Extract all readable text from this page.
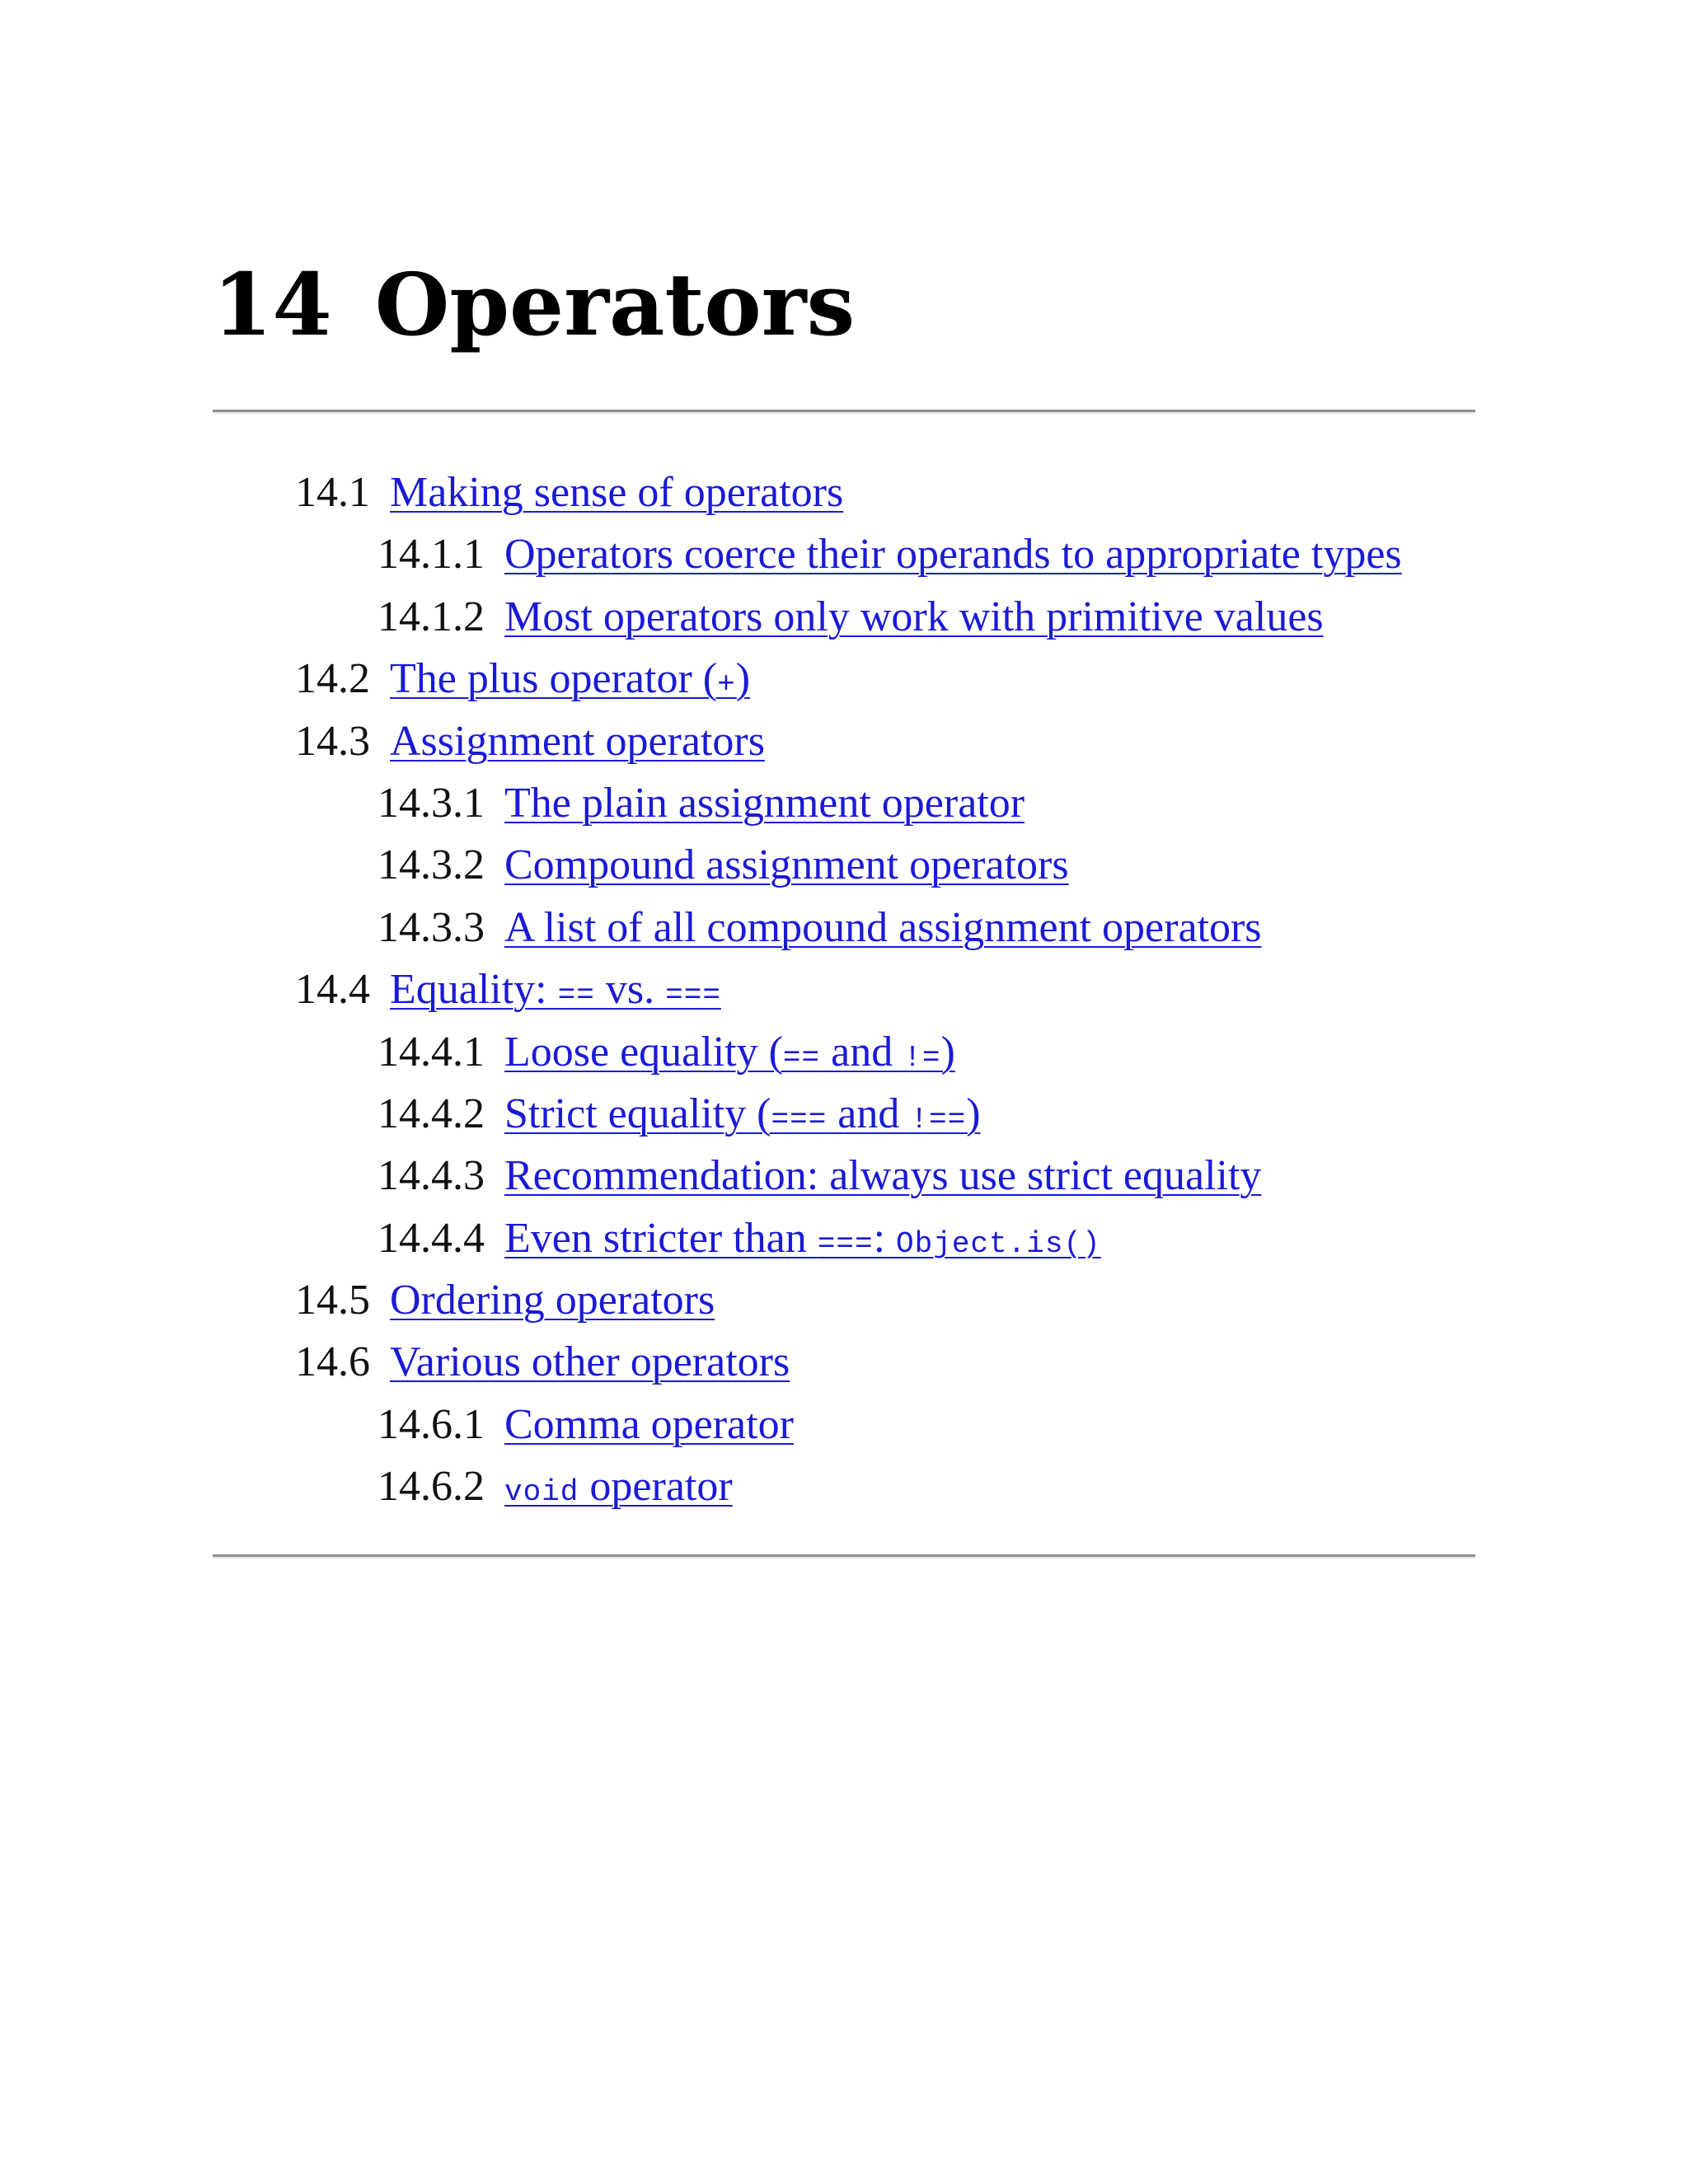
14 Operators
14.1 Making sense of operators
14.1.1 Operators coerce their operands to appropriate types
14.1.2 Most operators only work with primitive values
14.2 The plus operator (+)
14.3 Assignment operators
14.3.1 The plain assignment operator
14.3.2 Compound assignment operators
14.3.3 A list of all compound assignment operators
14.4 Equality: == vs. ===
14.4.1 Loose equality (== and !=)
14.4.2 Strict equality (=== and !==)
14.4.3 Recommendation: always use strict equality
14.4.4 Even stricter than ===: Object.is()
14.5 Ordering operators
14.6 Various other operators
14.6.1 Comma operator
14.6.2 void operator
